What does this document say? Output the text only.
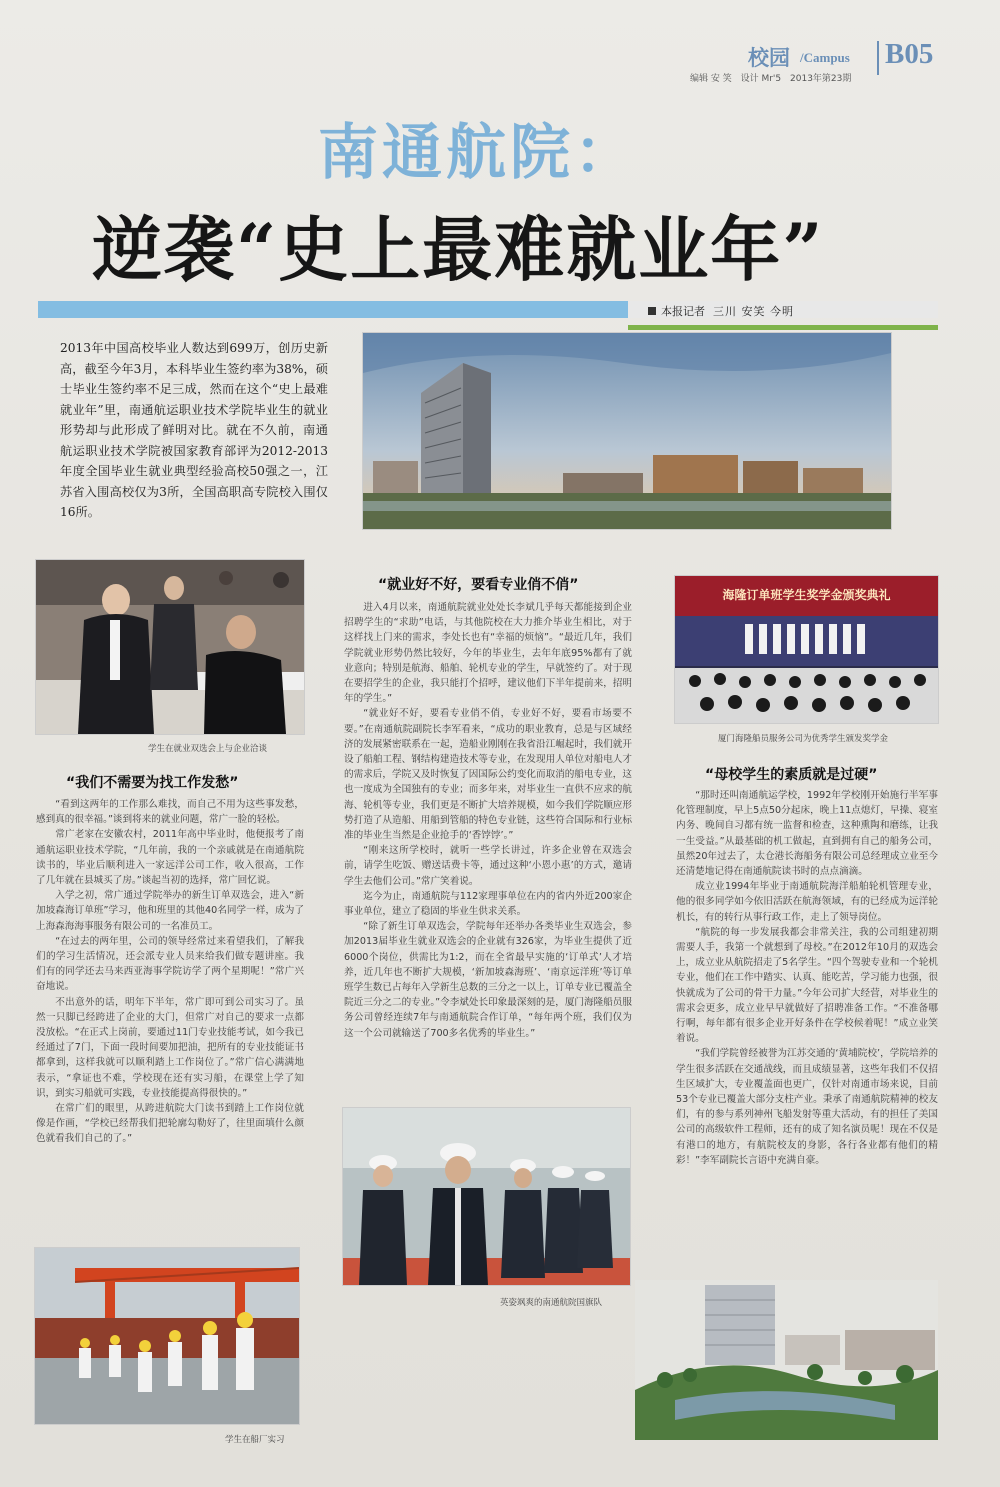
校园 /Campus B05
编辑 安 笑 设计 Mr'5 2013年第23期
南通航院：
逆袭“史上最难就业年”
本报记者 三川 安笑 今明
2013年中国高校毕业人数达到699万，创历史新高，截至今年3月，本科毕业生签约率为38%，硕士毕业生签约率不足三成，然而在这个“史上最难就业年”里，南通航运职业技术学院毕业生的就业形势却与此形成了鲜明对比。就在不久前，南通航运职业技术学院被国家教育部评为2012-2013年度全国毕业生就业典型经验高校50强之一，江苏省入围高校仅为3所，全国高职高专院校入围仅16所。
学生在就业双选会上与企业洽谈
海隆订单班学生奖学金颁奖典礼
厦门海隆船员服务公司为优秀学生颁发奖学金
“我们不需要为找工作发愁”
“就业好不好，要看专业俏不俏”
“母校学生的素质就是过硬”

“看到这两年的工作那么难找，而自己不用为这些事发愁，感到真的很幸福。”谈到将来的就业问题，常广一脸的轻松。

常广老家在安徽农村，2011年高中毕业时，他便报考了南通航运职业技术学院，“几年前，我的一个亲戚就是在南通航院读书的，毕业后顺利进入一家远洋公司工作，收入很高，工作了几年就在县城买了房。”谈起当初的选择，常广回忆说。

入学之初，常广通过学院举办的新生订单双选会，进入“新加坡森海订单班”学习，他和班里的其他40名同学一样，成为了上海森海海事服务有限公司的一名准员工。

“在过去的两年里，公司的领导经常过来看望我们，了解我们的学习生活情况，还会派专业人员来给我们做专题讲座。我们有的同学还去马来西亚海事学院访学了两个星期呢！”常广兴奋地说。

不出意外的话，明年下半年，常广即可到公司实习了。虽然一只脚已经跨进了企业的大门，但常广对自己的要求一点都没放松。“在正式上岗前，要通过11门专业技能考试，如今我已经通过了7门，下面一段时间要加把油，把所有的专业技能证书都拿到，这样我就可以顺利踏上工作岗位了。”常广信心满满地表示，“拿证也不难，学校现在还有实习船，在课堂上学了知识，到实习船就可实践，专业技能提高得很快的。”

在常广们的眼里，从跨进航院大门读书到踏上工作岗位就像是作画，“学校已经帮我们把轮廓勾勒好了，往里面填什么颜色就看我们自己的了。”

进入4月以来，南通航院就业处处长李斌几乎每天都能接到企业招聘学生的“求助”电话，与其他院校在大力推介毕业生相比，对于这样找上门来的需求，李处长也有“幸福的烦恼”。“最近几年，我们学院就业形势仍然比较好，今年的毕业生，去年年底95%都有了就业意向；特别是航海、船舶、轮机专业的学生，早就签约了。对于现在要招学生的企业，我只能打个招呼，建议他们下半年提前来，招明年的学生。”

“就业好不好，要看专业俏不俏，专业好不好，要看市场要不要。”在南通航院副院长李军看来，“成功的职业教育，总是与区域经济的发展紧密联系在一起，造船业刚刚在我省沿江崛起时，我们就开设了船舶工程、钢结构建造技术等专业，在发现用人单位对船电人才的需求后，学院又及时恢复了因国际公约变化而取消的船电专业，这也一度成为全国独有的专业；而多年来，对毕业生一直供不应求的航海、轮机等专业，我们更是不断扩大培养规模，如今我们学院顺应形势打造了从造船、用船到管船的特色专业链，这些符合国际和行业标准的毕业生当然是企业抢手的‘香饽饽’。”

“刚来这所学校时，就听一些学长讲过，许多企业曾在双选会前，请学生吃饭、赠送话费卡等，通过这种‘小恩小惠’的方式，邀请学生去他们公司。”常广笑着说。

迄今为止，南通航院与112家理事单位在内的省内外近200家企事业单位，建立了稳固的毕业生供求关系。

“除了新生订单双选会，学院每年还举办各类毕业生双选会，参加2013届毕业生就业双选会的企业就有326家，为毕业生提供了近6000个岗位，供需比为1:2，而在全省最早实施的‘订单式’人才培养，近几年也不断扩大规模，‘新加坡森海班’、‘南京远洋班’等订单班学生数已占每年入学新生总数的三分之一以上，订单专业已覆盖全院近三分之二的专业。”令李斌处长印象最深刻的是，厦门海隆船员服务公司曾经连续7年与南通航院合作订单，“每年两个班，我们仅为这一个公司就输送了700多名优秀的毕业生。”

“那时还叫南通航运学校，1992年学校刚开始施行半军事化管理制度，早上5点50分起床，晚上11点熄灯，早操、寝室内务、晚间自习都有统一监督和检查，这种熏陶和磨练，让我一生受益。”从最基础的机工做起，直到拥有自己的船务公司，虽然20年过去了，太仓港长海船务有限公司总经理成立业至今还清楚地记得在南通航院读书时的点点滴滴。

成立业1994年毕业于南通航院海洋船舶轮机管理专业，他的很多同学如今依旧活跃在航海领域，有的已经成为远洋轮机长，有的转行从事行政工作，走上了领导岗位。

“航院的每一步发展我都会非常关注，我的公司组建初期需要人手，我第一个就想到了母校。”在2012年10月的双选会上，成立业从航院招走了5名学生。“四个驾驶专业和一个轮机专业，他们在工作中踏实、认真、能吃苦，学习能力也强，很快就成为了公司的骨干力量。”今年公司扩大经营，对毕业生的需求会更多，成立业早早就做好了招聘准备工作。“不准备哪行啊，每年都有很多企业开好条件在学校候着呢！”成立业笑着说。

“我们学院曾经被誉为江苏交通的‘黄埔院校’，学院培养的学生很多活跃在交通战线，而且成绩显著，这些年我们不仅招生区域扩大，专业覆盖面也更广，仅针对南通市场来说，目前53个专业已覆盖大部分支柱产业。秉承了南通航院精神的校友们，有的参与系列神州飞船发射等重大活动，有的担任了美国公司的高级软件工程师，还有的成了知名演员呢！现在不仅是有港口的地方，有航院校友的身影，各行各业都有他们的精彩！”李军副院长言语中充满自豪。

英姿飒爽的南通航院国旗队
学生在船厂实习
